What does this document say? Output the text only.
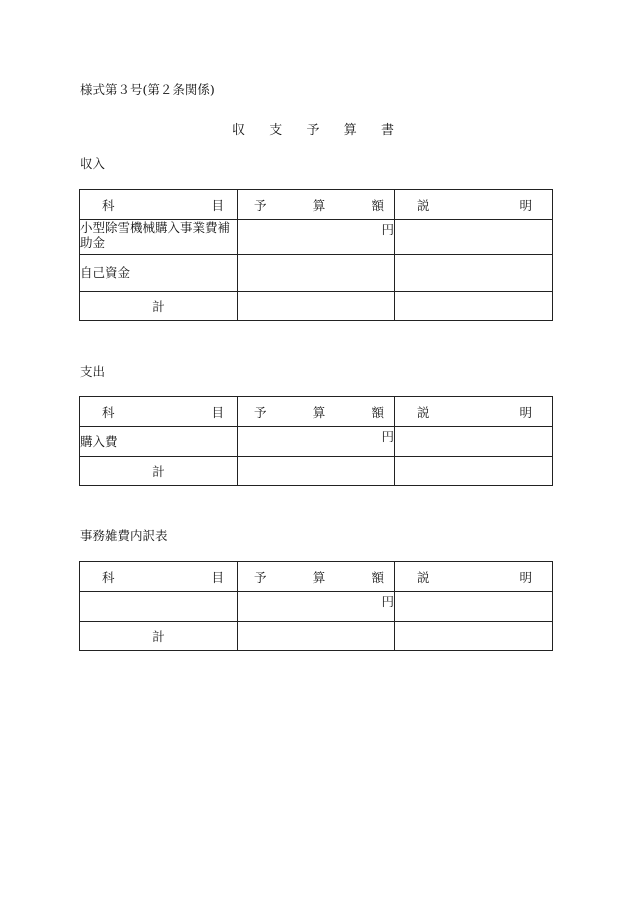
様式第３号(第２条関係)
収 支 予 算 書
収入
科 目	予 算 額	説 明

小型除雪機械購入事業費補助金	円	
自己資金		
計		
支出
科 目	予 算 額	説 明

購入費	円	
計		
事務雑費内訳表
科 目	予 算 額	説 明

	円	
計		
